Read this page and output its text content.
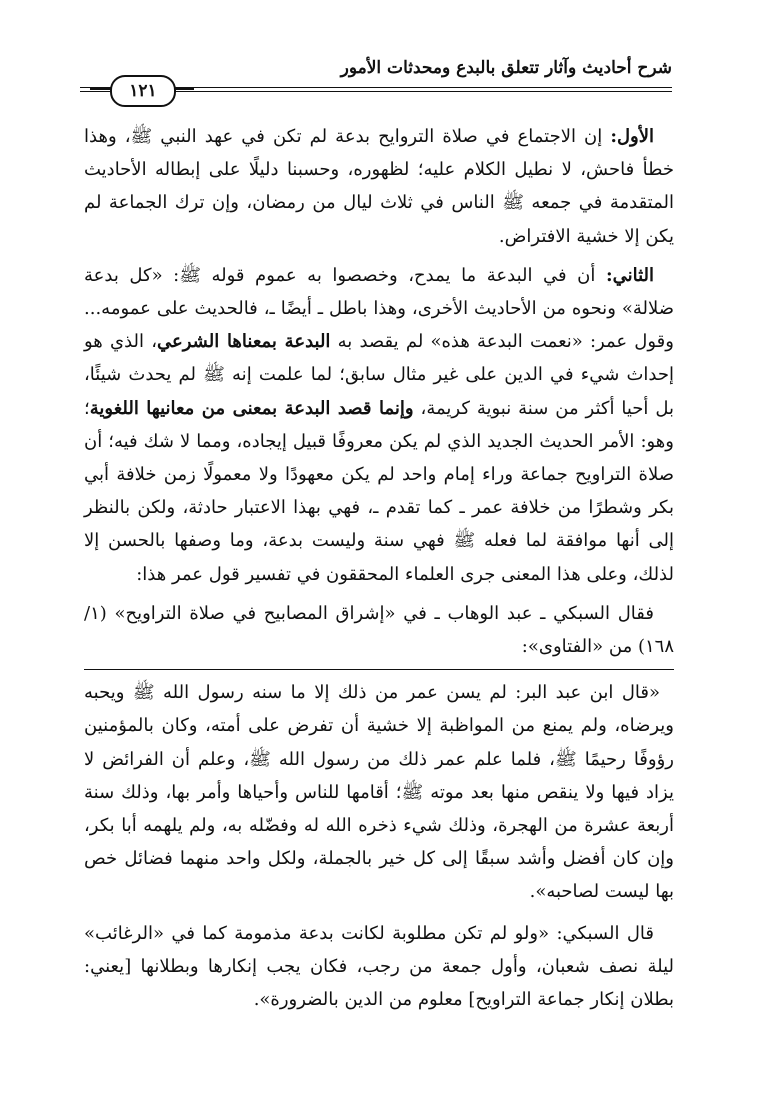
شرح أحاديث وآثار تتعلق بالبدع ومحدثات الأمور
١٢١

الأول: إن الاجتماع في صلاة التروايح بدعة لم تكن في عهد النبي ﷺ، وهذا خطأ فاحش، لا نطيل الكلام عليه؛ لظهوره، وحسبنا دليلًا على إبطاله الأحاديث المتقدمة في جمعه ﷺ الناس في ثلاث ليال من رمضان، وإن ترك الجماعة لم يكن إلا خشية الافتراض.

الثاني: أن في البدعة ما يمدح، وخصصوا به عموم قوله ﷺ: «كل بدعة ضلالة» ونحوه من الأحاديث الأخرى، وهذا باطل ـ أيضًا ـ، فالحديث على عمومه... وقول عمر: «نعمت البدعة هذه» لم يقصد به البدعة بمعناها الشرعي، الذي هو إحداث شيء في الدين على غير مثال سابق؛ لما علمت إنه ﷺ لم يحدث شيئًا، بل أحيا أكثر من سنة نبوية كريمة، وإنما قصد البدعة بمعنى من معانيها اللغوية؛ وهو: الأمر الحديث الجديد الذي لم يكن معروفًا قبيل إيجاده، ومما لا شك فيه؛ أن صلاة التراويح جماعة وراء إمام واحد لم يكن معهودًا ولا معمولًا زمن خلافة أبي بكر وشطرًا من خلافة عمر ـ كما تقدم ـ، فهي بهذا الاعتبار حادثة، ولكن بالنظر إلى أنها موافقة لما فعله ﷺ فهي سنة وليست بدعة، وما وصفها بالحسن إلا لذلك، وعلى هذا المعنى جرى العلماء المحققون في تفسير قول عمر هذا:

فقال السبكي ـ عبد الوهاب ـ في «إشراق المصابيح في صلاة التراويح» (١/ ١٦٨) من «الفتاوى»:

«قال ابن عبد البر: لم يسن عمر من ذلك إلا ما سنه رسول الله ﷺ ويحبه ويرضاه، ولم يمنع من المواظبة إلا خشية أن تفرض على أمته، وكان بالمؤمنين رؤوفًا رحيمًا ﷺ، فلما علم عمر ذلك من رسول الله ﷺ، وعلم أن الفرائض لا يزاد فيها ولا ينقص منها بعد موته ﷺ؛ أقامها للناس وأحياها وأمر بها، وذلك سنة أربعة عشرة من الهجرة، وذلك شيء ذخره الله له وفضّله به، ولم يلهمه أبا بكر، وإن كان أفضل وأشد سبقًا إلى كل خير بالجملة، ولكل واحد منهما فضائل خص بها ليست لصاحبه».

قال السبكي: «ولو لم تكن مطلوبة لكانت بدعة مذمومة كما في «الرغائب» ليلة نصف شعبان، وأول جمعة من رجب، فكان يجب إنكارها وبطلانها [يعني: بطلان إنكار جماعة التراويح] معلوم من الدين بالضرورة».
